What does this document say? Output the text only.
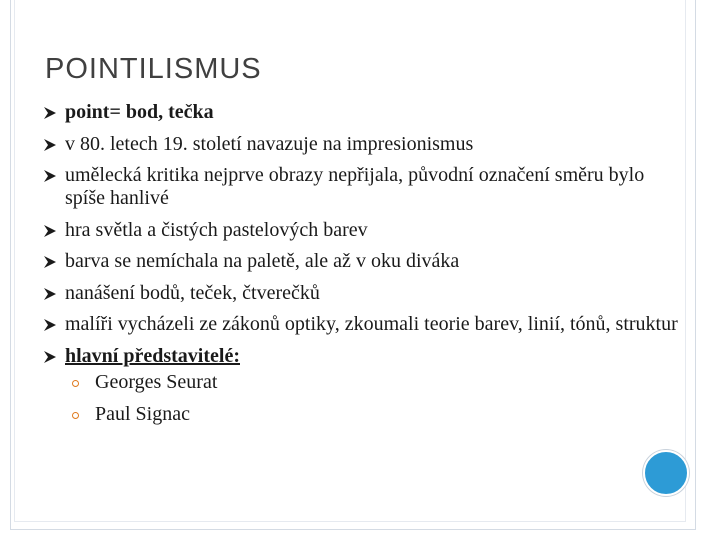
POINTILISMUS
point= bod, tečka
v 80. letech 19. století navazuje na impresionismus
umělecká kritika nejprve obrazy nepřijala, původní označení směru bylo spíše hanlivé
hra světla a čistých pastelových barev
barva se nemíchala na paletě, ale až v oku diváka
nanášení bodů, teček, čtverečků
malíři vycházeli ze zákonů optiky, zkoumali teorie barev, linií, tónů, struktur
hlavní představitelé:
Georges Seurat
Paul Signac
